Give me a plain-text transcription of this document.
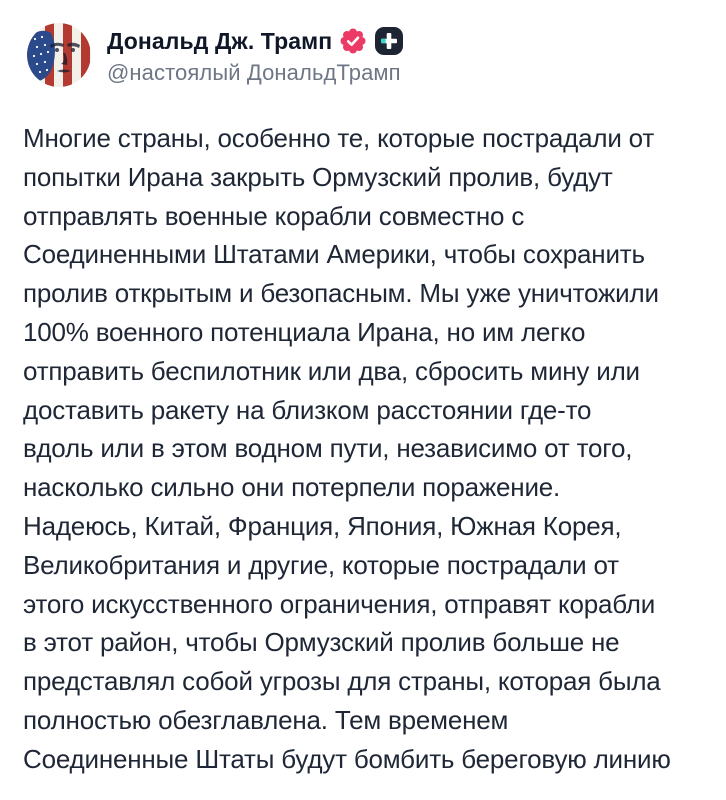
Дональд Дж. Трамп
@настоялый ДональдТрамп
Многие страны, особенно те, которые пострадали от
попытки Ирана закрыть Ормузский пролив, будут
отправлять военные корабли совместно с
Соединенными Штатами Америки, чтобы сохранить
пролив открытым и безопасным. Мы уже уничтожили
100% военного потенциала Ирана, но им легко
отправить беспилотник или два, сбросить мину или
доставить ракету на близком расстоянии где-то
вдоль или в этом водном пути, независимо от того,
насколько сильно они потерпели поражение.
Надеюсь, Китай, Франция, Япония, Южная Корея,
Великобритания и другие, которые пострадали от
этого искусственного ограничения, отправят корабли
в этот район, чтобы Ормузский пролив больше не
представлял собой угрозы для страны, которая была
полностью обезглавлена. Тем временем
Соединенные Штаты будут бомбить береговую линию
